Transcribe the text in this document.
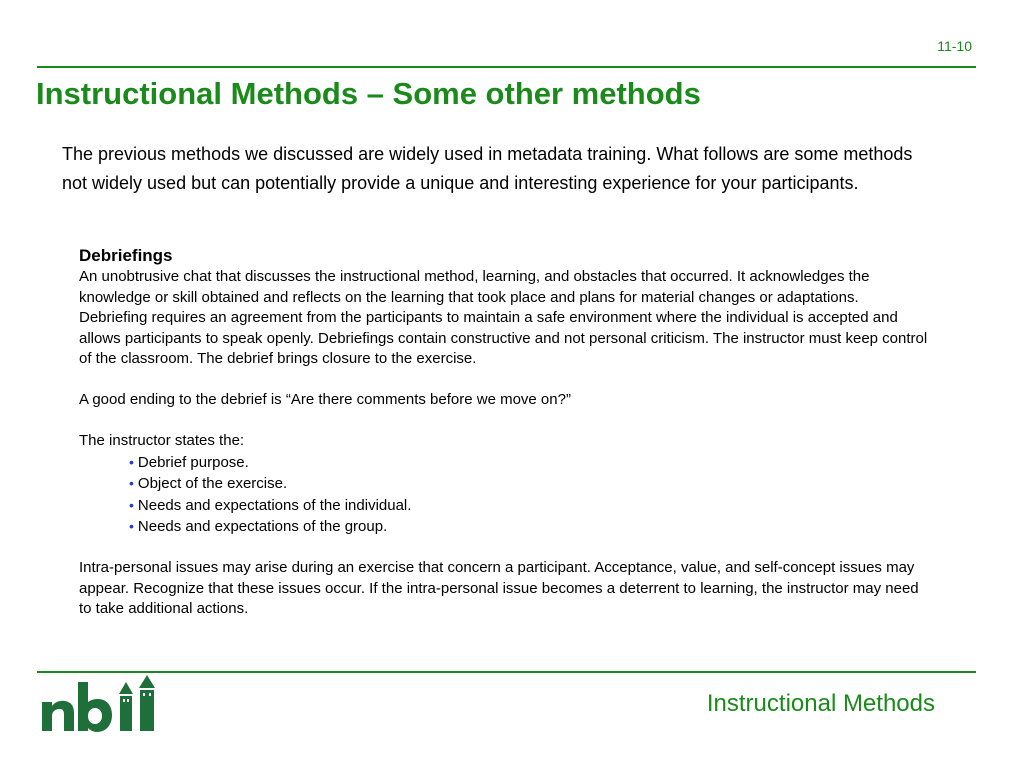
11-10
Instructional Methods – Some other methods

The previous methods we discussed are widely used in metadata training. What follows are some methods not widely used but can potentially provide a unique and interesting experience for your participants.

Debriefings

An unobtrusive chat that discusses the instructional method, learning, and obstacles that occurred. It acknowledges the knowledge or skill obtained and reflects on the learning that took place and plans for material changes or adaptations. Debriefing requires an agreement from the participants to maintain a safe environment where the individual is accepted and allows participants to speak openly. Debriefings contain constructive and not personal criticism. The instructor must keep control of the classroom. The debrief brings closure to the exercise.

A good ending to the debrief is “Are there comments before we move on?”

The instructor states the:

• Debrief purpose.
• Object of the exercise.
• Needs and expectations of the individual.
• Needs and expectations of the group.

Intra-personal issues may arise during an exercise that concern a participant. Acceptance, value, and self-concept issues may appear. Recognize that these issues occur. If the intra-personal issue becomes a deterrent to learning, the instructor may need to take additional actions.

Instructional Methods
